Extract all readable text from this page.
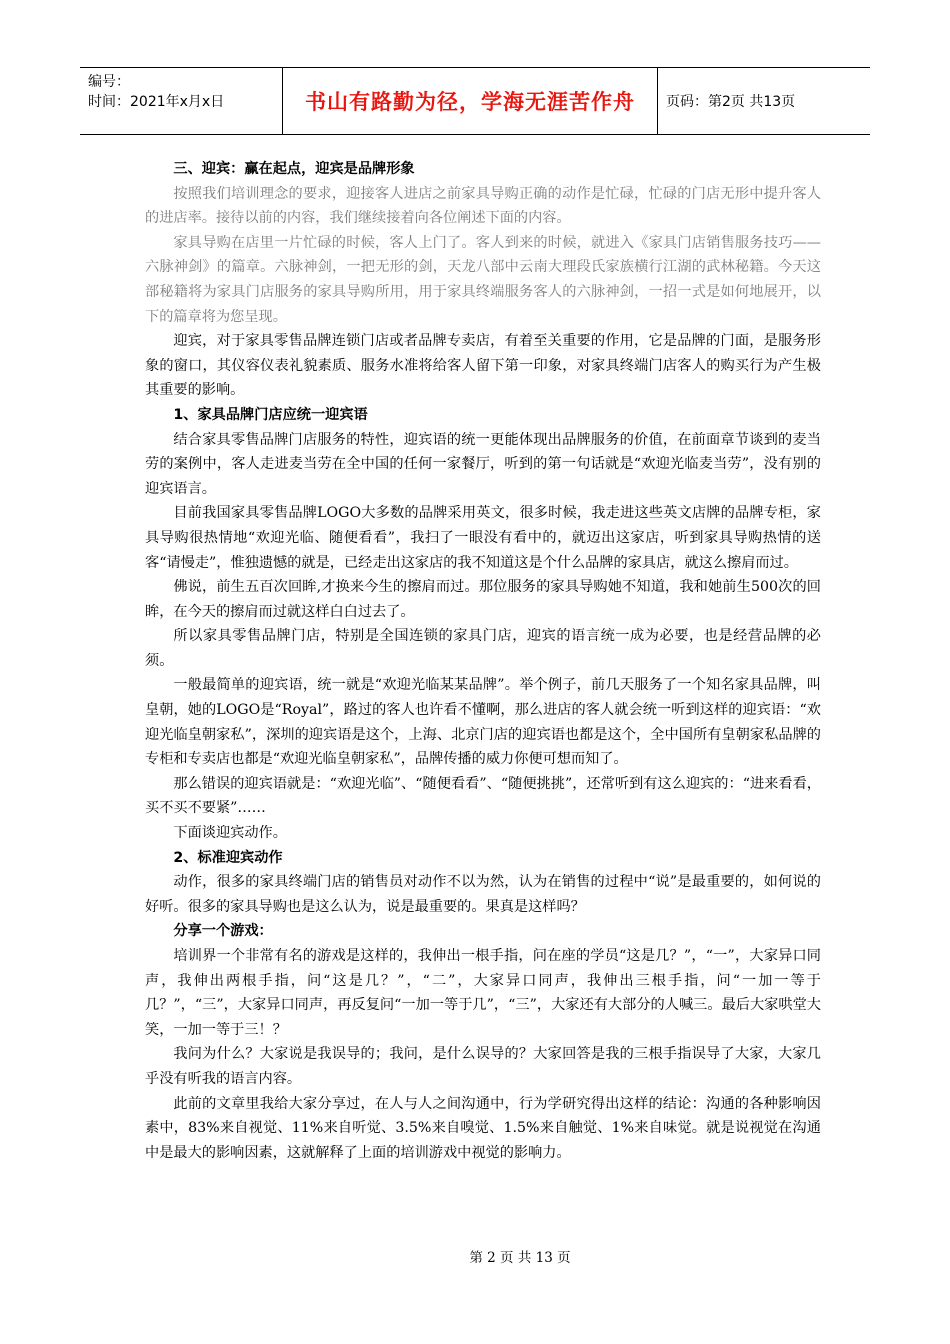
编号：
时间：2021年x月x日	书山有路勤为径，学海无涯苦作舟	页码：第2页 共13页
三、迎宾：赢在起点，迎宾是品牌形象

按照我们培训理念的要求，迎接客人进店之前家具导购正确的动作是忙碌，忙碌的门店无形中提升客人的进店率。接待以前的内容，我们继续接着向各位阐述下面的内容。

家具导购在店里一片忙碌的时候，客人上门了。客人到来的时候，就进入《家具门店销售服务技巧——六脉神剑》的篇章。六脉神剑，一把无形的剑，天龙八部中云南大理段氏家族横行江湖的武林秘籍。今天这部秘籍将为家具门店服务的家具导购所用，用于家具终端服务客人的六脉神剑，一招一式是如何地展开，以下的篇章将为您呈现。

迎宾，对于家具零售品牌连锁门店或者品牌专卖店，有着至关重要的作用，它是品牌的门面，是服务形象的窗口，其仪容仪表礼貌素质、服务水准将给客人留下第一印象，对家具终端门店客人的购买行为产生极其重要的影响。

1、家具品牌门店应统一迎宾语

结合家具零售品牌门店服务的特性，迎宾语的统一更能体现出品牌服务的价值，在前面章节谈到的麦当劳的案例中，客人走进麦当劳在全中国的任何一家餐厅，听到的第一句话就是“欢迎光临麦当劳”，没有别的迎宾语言。

目前我国家具零售品牌LOGO大多数的品牌采用英文，很多时候，我走进这些英文店牌的品牌专柜，家具导购很热情地“欢迎光临、随便看看”，我扫了一眼没有看中的，就迈出这家店，听到家具导购热情的送客“请慢走”，惟独遗憾的就是，已经走出这家店的我不知道这是个什么品牌的家具店，就这么擦肩而过。

佛说，前生五百次回眸,才换来今生的擦肩而过。那位服务的家具导购她不知道，我和她前生500次的回眸，在今天的擦肩而过就这样白白过去了。

所以家具零售品牌门店，特别是全国连锁的家具门店，迎宾的语言统一成为必要，也是经营品牌的必须。

一般最简单的迎宾语，统一就是“欢迎光临某某品牌”。举个例子，前几天服务了一个知名家具品牌，叫皇朝，她的LOGO是“Royal”，路过的客人也许看不懂啊，那么进店的客人就会统一听到这样的迎宾语：“欢迎光临皇朝家私”，深圳的迎宾语是这个，上海、北京门店的迎宾语也都是这个，全中国所有皇朝家私品牌的专柜和专卖店也都是“欢迎光临皇朝家私”，品牌传播的威力你便可想而知了。

那么错误的迎宾语就是：“欢迎光临”、“随便看看”、“随便挑挑”，还常听到有这么迎宾的：“进来看看，买不买不要紧”……

下面谈迎宾动作。

2、标准迎宾动作

动作，很多的家具终端门店的销售员对动作不以为然，认为在销售的过程中“说”是最重要的，如何说的好听。很多的家具导购也是这么认为，说是最重要的。果真是这样吗？

分享一个游戏：

培训界一个非常有名的游戏是这样的，我伸出一根手指，问在座的学员“这是几？”，“一”，大家异口同声，我伸出两根手指，问“这是几？”，“二”，大家异口同声，我伸出三根手指，问“一加一等于几？”，“三”，大家异口同声，再反复问“一加一等于几”，“三”，大家还有大部分的人喊三。最后大家哄堂大笑，一加一等于三！？

我问为什么？大家说是我误导的；我问，是什么误导的？大家回答是我的三根手指误导了大家，大家几乎没有听我的语言内容。

此前的文章里我给大家分享过，在人与人之间沟通中，行为学研究得出这样的结论：沟通的各种影响因素中，83%来自视觉、11%来自听觉、3.5%来自嗅觉、1.5%来自触觉、1%来自味觉。就是说视觉在沟通中是最大的影响因素，这就解释了上面的培训游戏中视觉的影响力。

第 2 页 共 13 页
